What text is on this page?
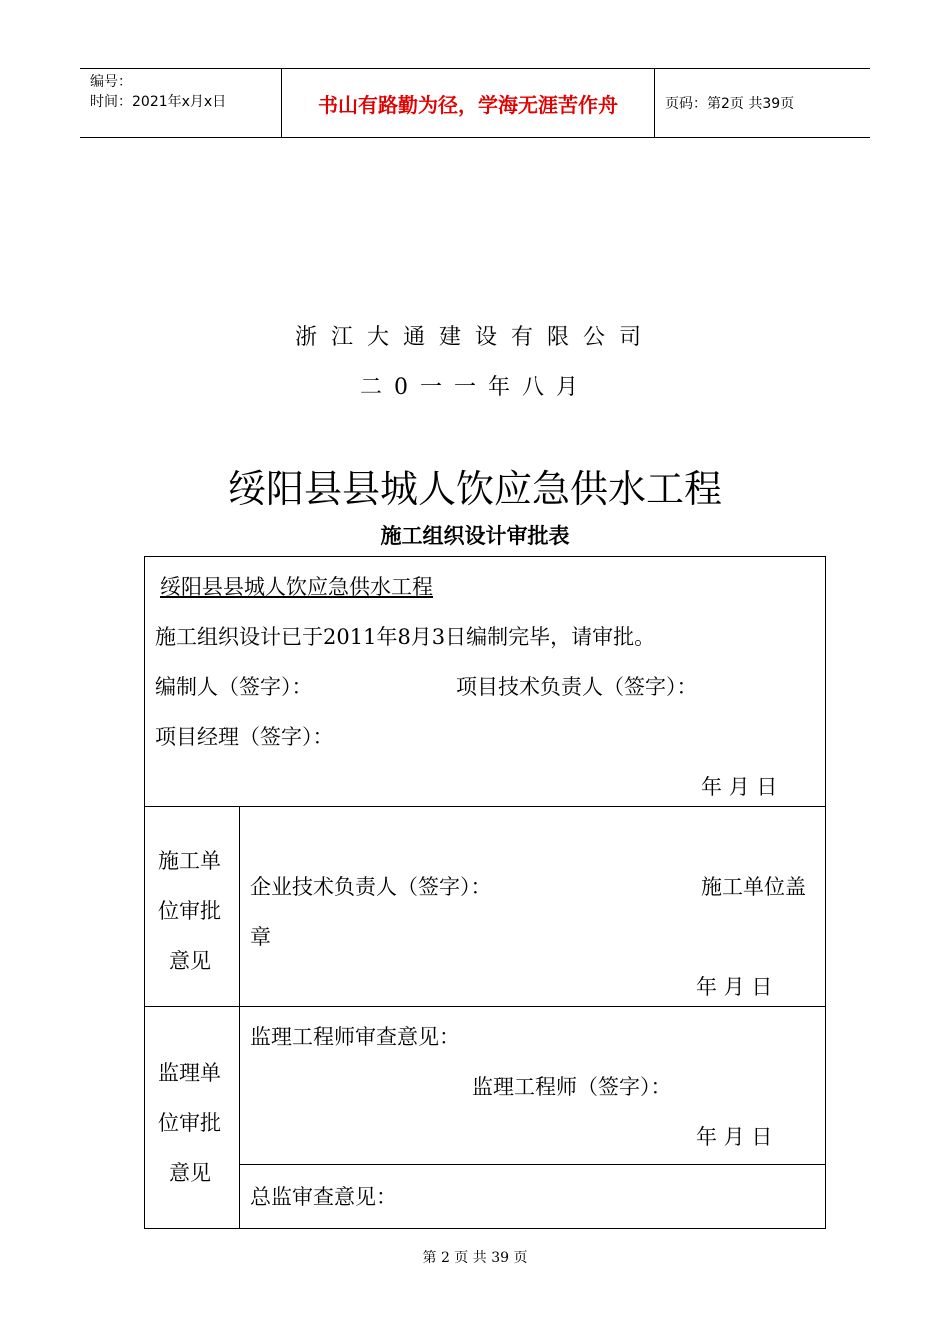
编号：
时间：2021年x月x日	书山有路勤为径，学海无涯苦作舟	页码：第2页 共39页
浙江大通建设有限公司
二0一一年八月
绥阳县县城人饮应急供水工程
施工组织设计审批表
绥阳县县城人饮应急供水工程
施工组织设计已于2011年8月3日编制完毕，请审批。
编制人（签字）：	项目技术负责人（签字）：
项目经理（签字）：
年 月 日
施工单
位审批
意见
企业技术负责人（签字）：	施工单位盖
章
年 月 日
监理单
位审批
意见
监理工程师审查意见：
监理工程师（签字）：
年 月 日
总监审查意见：
第 2 页 共 39 页
